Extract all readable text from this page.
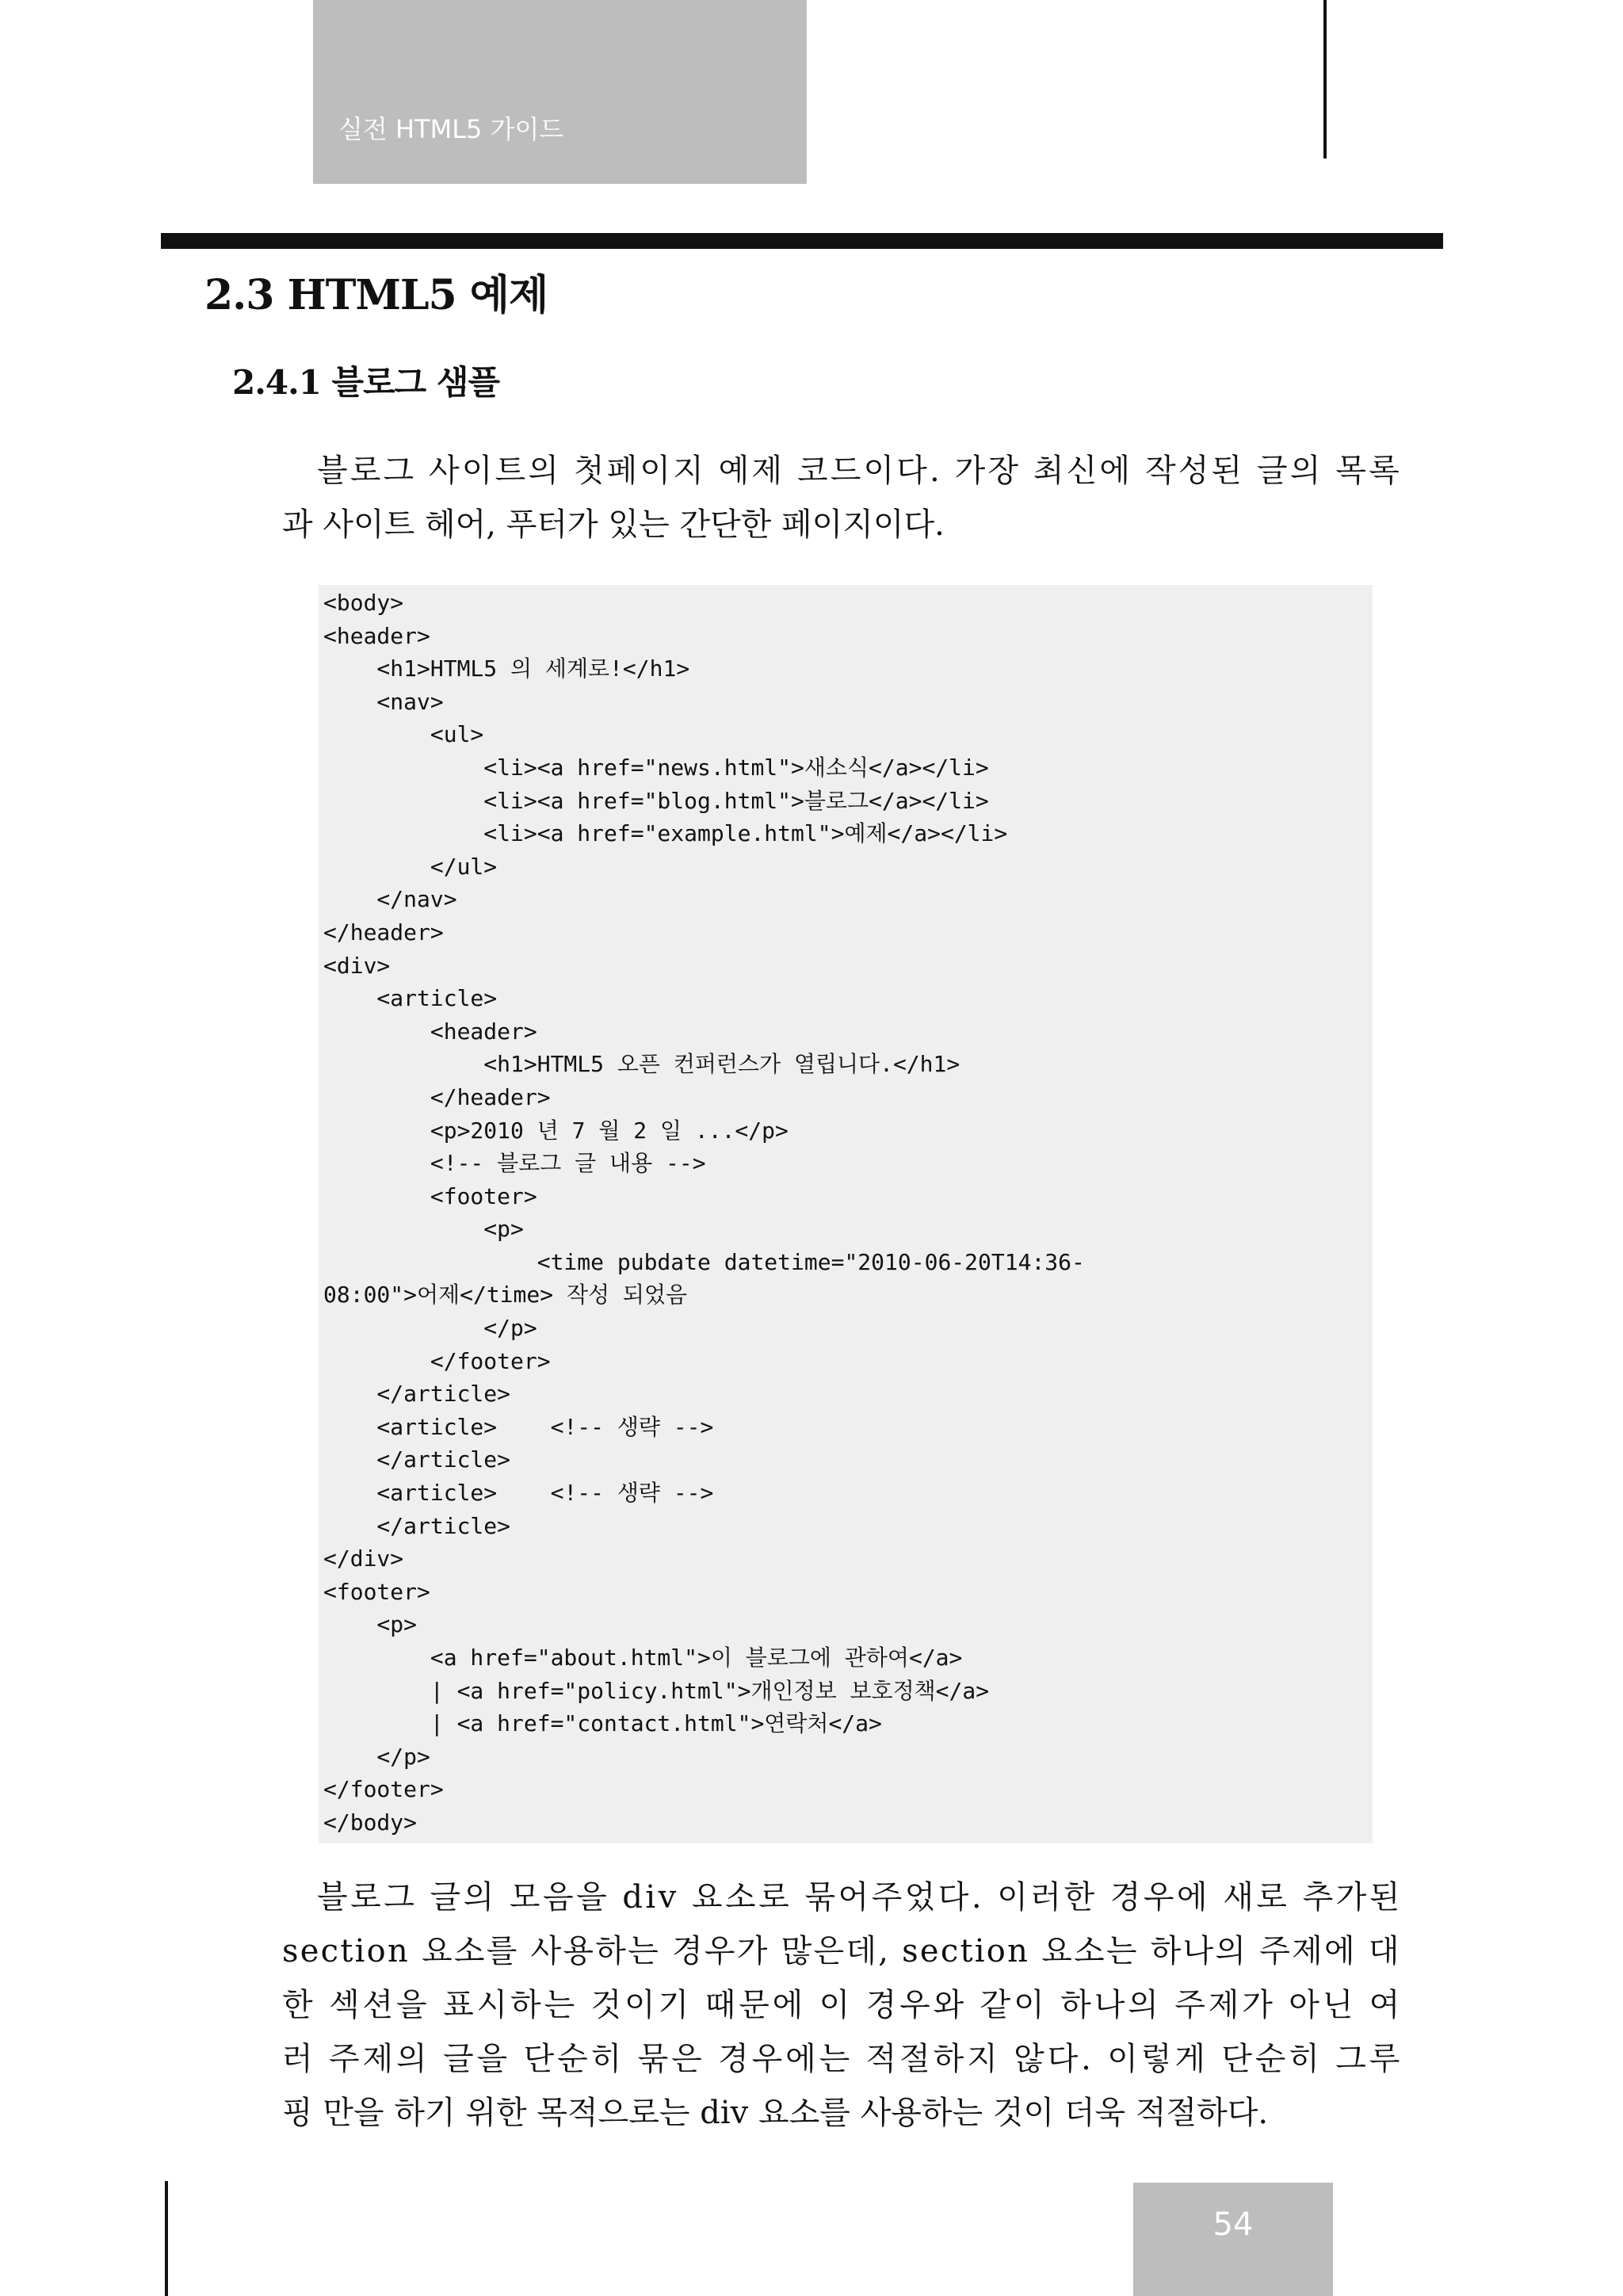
실전 HTML5 가이드
2.3 HTML5 예제
2.4.1 블로그 샘플

블로그 사이트의 첫페이지 예제 코드이다. 가장 최신에 작성된 글의 목록
과 사이트 헤어, 푸터가 있는 간단한 페이지이다.

<body>
<header>
<h1>HTML5 의 세계로!</h1>
<nav>
<ul>
<li><a href="news.html">새소식</a></li>
<li><a href="blog.html">블로그</a></li>
<li><a href="example.html">예제</a></li>
</ul>
</nav>
</header>
<div>
<article>
<header>
<h1>HTML5 오픈 컨퍼런스가 열립니다.</h1>
</header>
<p>2010 년 7 월 2 일 ...</p>
<!-- 블로그 글 내용 -->
<footer>
<p>
<time pubdate datetime="2010-06-20T14:36-
08:00">어제</time> 작성 되었음
</p>
</footer>
</article>
<article>    <!-- 생략 -->
</article>
<article>    <!-- 생략 -->
</article>
</div>
<footer>
<p>
<a href="about.html">이 블로그에 관하여</a>
| <a href="policy.html">개인정보 보호정책</a>
| <a href="contact.html">연락처</a>
</p>
</footer>
</body>

블로그 글의 모음을 div 요소로 묶어주었다. 이러한 경우에 새로 추가된
section 요소를 사용하는 경우가 많은데, section 요소는 하나의 주제에 대
한 섹션을 표시하는 것이기 때문에 이 경우와 같이 하나의 주제가 아닌 여
러 주제의 글을 단순히 묶은 경우에는 적절하지 않다. 이렇게 단순히 그루
핑 만을 하기 위한 목적으로는 div 요소를 사용하는 것이 더욱 적절하다.

54
